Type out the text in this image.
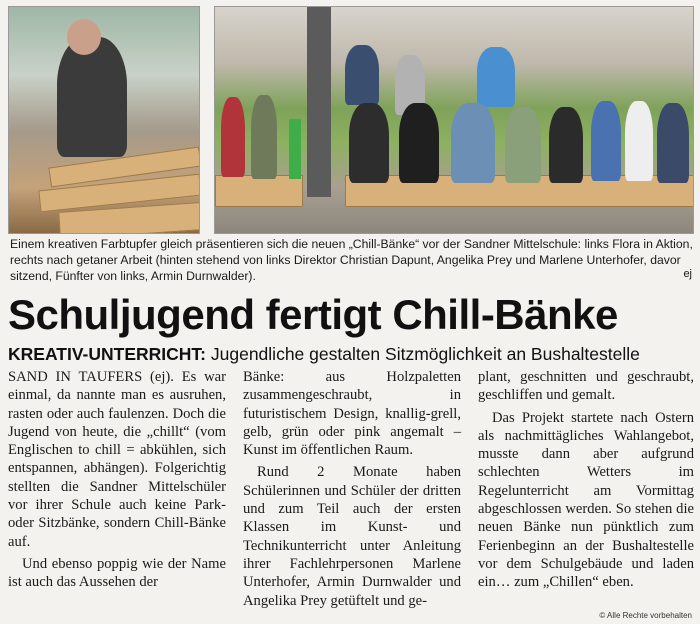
Einem kreativen Farbtupfer gleich präsentieren sich die neuen „Chill-Bänke“ vor der Sandner Mittelschule: links Flora in Aktion, rechts nach getaner Arbeit (hinten stehend von links Direktor Christian Dapunt, Angelika Prey und Marlene Unterhofer, davor sitzend, Fünfter von links, Armin Durnwalder).	ej
Schuljugend fertigt Chill-Bänke
KREATIV-UNTERRICHT: Jugendliche gestalten Sitzmöglichkeit an Bushaltestelle

SAND IN TAUFERS (ej). Es war einmal, da nannte man es ausruhen, rasten oder auch faulenzen. Doch die Jugend von heute, die „chillt“ (vom Englischen to chill = abkühlen, sich entspannen, abhängen). Folgerichtig stellten die Sandner Mittelschüler vor ihrer Schule auch keine Park- oder Sitzbänke, sondern Chill-Bänke auf.

Und ebenso poppig wie der Name ist auch das Aussehen der

Bänke: aus Holzpaletten zusammengeschraubt, in futuristischem Design, knallig-grell, gelb, grün oder pink angemalt – Kunst im öffentlichen Raum.

Rund 2 Monate haben Schülerinnen und Schüler der dritten und zum Teil auch der ersten Klassen im Kunst- und Technikunterricht unter Anleitung ihrer Fachlehrpersonen Marlene Unterhofer, Armin Durnwalder und Angelika Prey getüftelt und ge-

plant, geschnitten und geschraubt, geschliffen und gemalt.

Das Projekt startete nach Ostern als nachmittägliches Wahlangebot, musste dann aber aufgrund schlechten Wetters im Regelunterricht am Vormittag abgeschlossen werden. So stehen die neuen Bänke nun pünktlich zum Ferienbeginn an der Bushaltestelle vor dem Schulgebäude und laden ein… zum „Chillen“ eben.

© Alle Rechte vorbehalten
